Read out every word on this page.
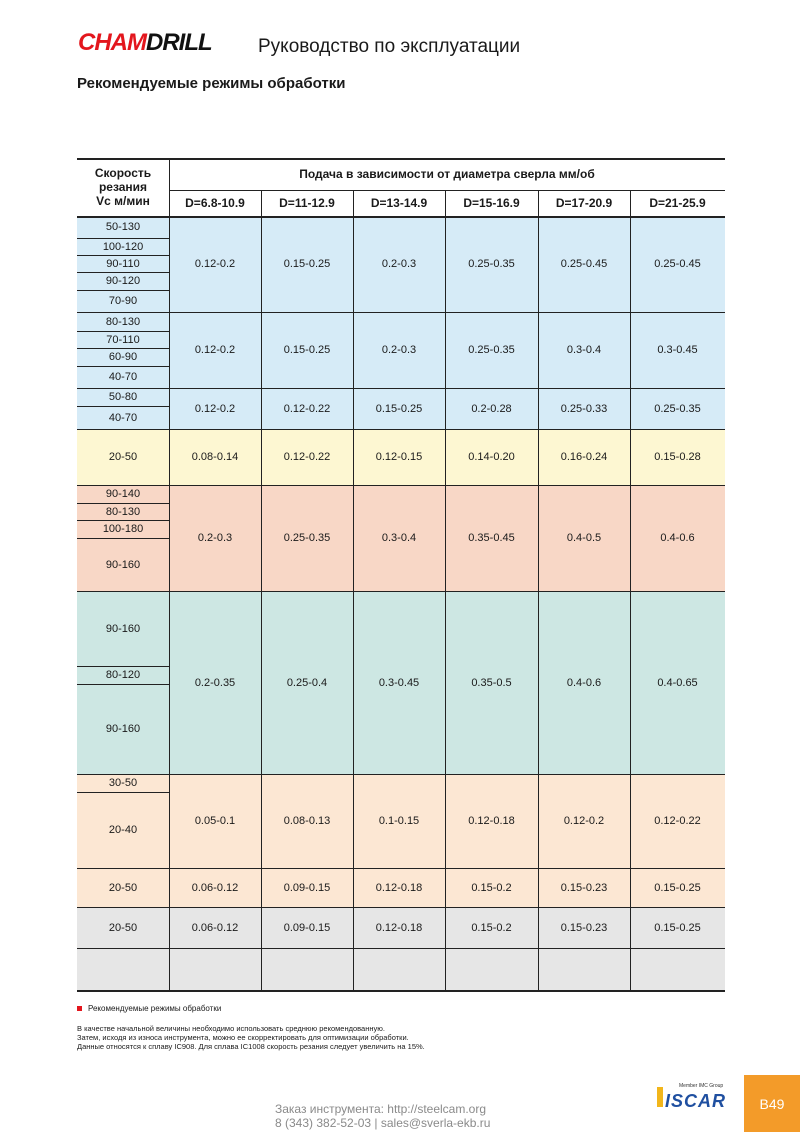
CHAMDRILL Руководство по эксплуатации
Рекомендуемые режимы обработки
Скорость резания Vc м/мин
Подача в зависимости от диаметра сверла мм/об
D=6.8-10.9	D=11-12.9	D=13-14.9	D=15-16.9	D=17-20.9	D=21-25.9
50-130
100-120
90-110
90-120
70-90
0.12-0.2	0.15-0.25	0.2-0.3	0.25-0.35	0.25-0.45	0.25-0.45
80-130
70-110
60-90
40-70
0.12-0.2	0.15-0.25	0.2-0.3	0.25-0.35	0.3-0.4	0.3-0.45
50-80
40-70
0.12-0.2	0.12-0.22	0.15-0.25	0.2-0.28	0.25-0.33	0.25-0.35
20-50	0.08-0.14	0.12-0.22	0.12-0.15	0.14-0.20	0.16-0.24	0.15-0.28
90-140
80-130
100-180
90-160
0.2-0.3	0.25-0.35	0.3-0.4	0.35-0.45	0.4-0.5	0.4-0.6
90-160
80-120
90-160
0.2-0.35	0.25-0.4	0.3-0.45	0.35-0.5	0.4-0.6	0.4-0.65
30-50
20-40
0.05-0.1	0.08-0.13	0.1-0.15	0.12-0.18	0.12-0.2	0.12-0.22
20-50	0.06-0.12	0.09-0.15	0.12-0.18	0.15-0.2	0.15-0.23	0.15-0.25
20-50	0.06-0.12	0.09-0.15	0.12-0.18	0.15-0.2	0.15-0.23	0.15-0.25
Рекомендуемые режимы обработки
В качестве начальной величины необходимо использовать среднюю рекомендованную.
Затем, исходя из износа инструмента, можно ее скорректировать для оптимизации обработки.
Данные относятся к сплаву IC908. Для сплава IC1008 скорость резания следует увеличить на 15%.
Заказ инструмента: http://steelcam.org
8 (343) 382-52-03 | sales@sverla-ekb.ru
Member IMC Group
ISCAR	B49
